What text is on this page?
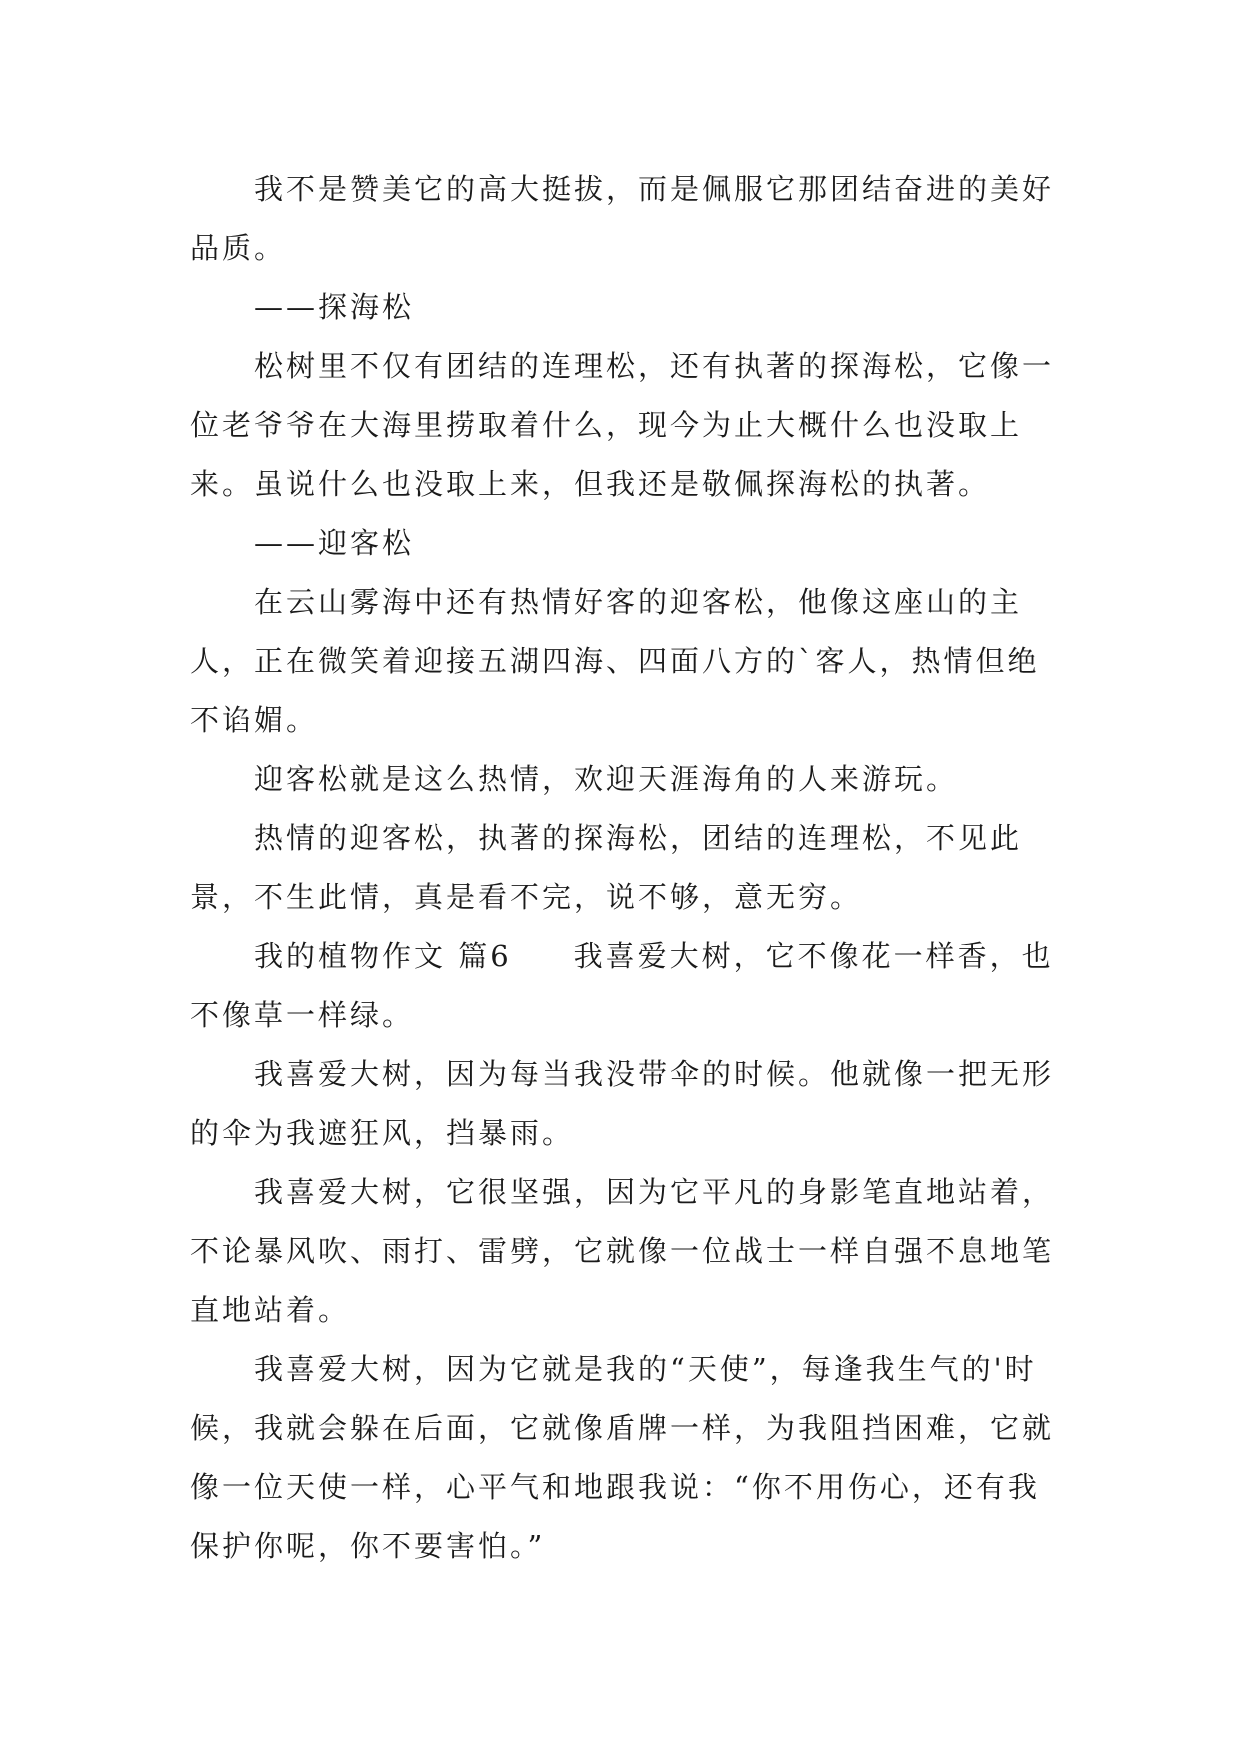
我不是赞美它的高大挺拔，而是佩服它那团结奋进的美好品质。

——探海松

松树里不仅有团结的连理松，还有执著的探海松，它像一位老爷爷在大海里捞取着什么，现今为止大概什么也没取上来。虽说什么也没取上来，但我还是敬佩探海松的执著。

——迎客松

在云山雾海中还有热情好客的迎客松，他像这座山的主人，正在微笑着迎接五湖四海、四面八方的`客人，热情但绝不谄媚。

迎客松就是这么热情，欢迎天涯海角的人来游玩。

热情的迎客松，执著的探海松，团结的连理松，不见此景，不生此情，真是看不完，说不够，意无穷。

我的植物作文 篇6 我喜爱大树，它不像花一样香，也不像草一样绿。

我喜爱大树，因为每当我没带伞的时候。他就像一把无形的伞为我遮狂风，挡暴雨。

我喜爱大树，它很坚强，因为它平凡的身影笔直地站着，不论暴风吹、雨打、雷劈，它就像一位战士一样自强不息地笔直地站着。

我喜爱大树，因为它就是我的“天使”，每逢我生气的'时候，我就会躲在后面，它就像盾牌一样，为我阻挡困难，它就像一位天使一样，心平气和地跟我说：“你不用伤心，还有我保护你呢，你不要害怕。”
